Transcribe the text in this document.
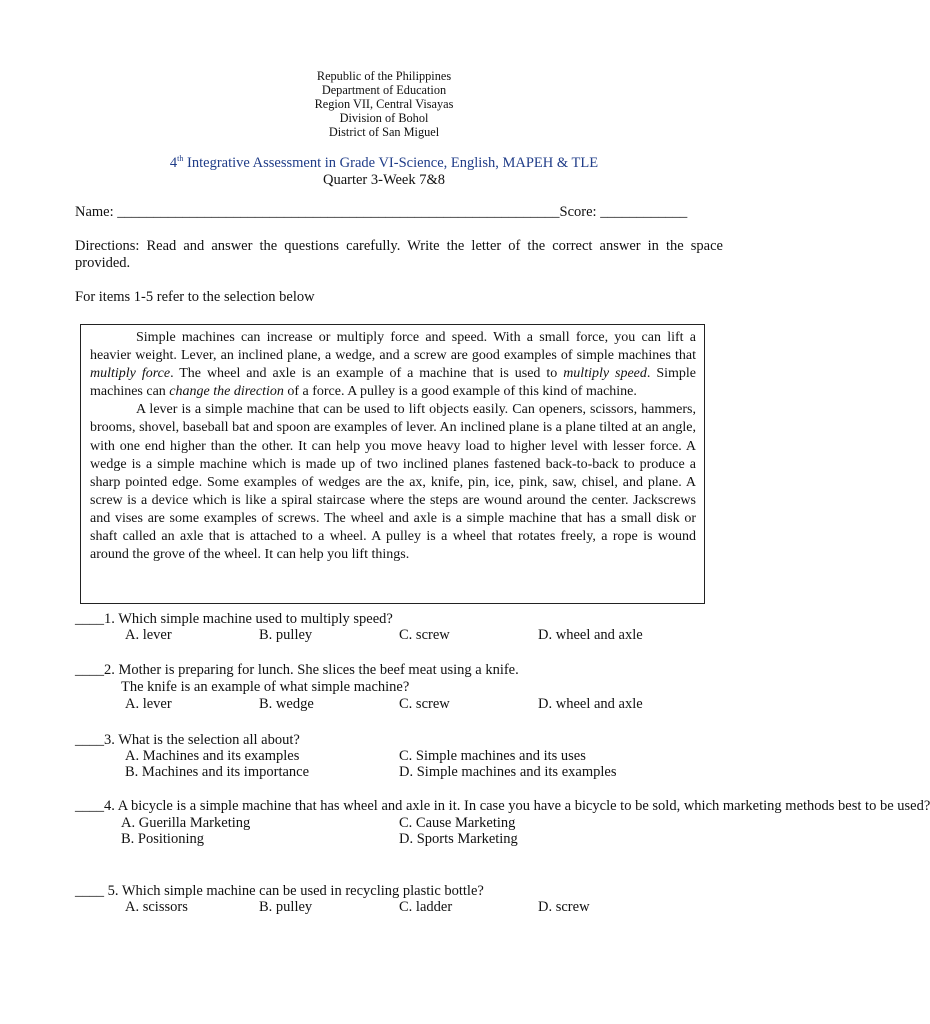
Republic of the Philippines
Department of Education
Region VII, Central Visayas
Division of Bohol
District of San Miguel
4th Integrative Assessment in Grade VI-Science, English, MAPEH & TLE
Quarter 3-Week 7&8
Name: _____________________________________________________________Score: ____________
Directions: Read and answer the questions carefully. Write the letter of the correct answer in the space provided.
For items 1-5 refer to the selection below

Simple machines can increase or multiply force and speed. With a small force, you can lift a heavier weight. Lever, an inclined plane, a wedge, and a screw are good examples of simple machines that multiply force. The wheel and axle is an example of a machine that is used to multiply speed. Simple machines can change the direction of a force. A pulley is a good example of this kind of machine.

A lever is a simple machine that can be used to lift objects easily. Can openers, scissors, hammers, brooms, shovel, baseball bat and spoon are examples of lever. An inclined plane is a plane tilted at an angle, with one end higher than the other. It can help you move heavy load to higher level with lesser force. A wedge is a simple machine which is made up of two inclined planes fastened back-to-back to produce a sharp pointed edge. Some examples of wedges are the ax, knife, pin, ice, pink, saw, chisel, and plane. A screw is a device which is like a spiral staircase where the steps are wound around the center. Jackscrews and vises are some examples of screws. The wheel and axle is a simple machine that has a small disk or shaft called an axle that is attached to a wheel. A pulley is a wheel that rotates freely, a rope is wound around the grove of the wheel. It can help you lift things.

____1. Which simple machine used to multiply speed?
A. lever	B. pulley	C. screw	D. wheel and axle
____2. Mother is preparing for lunch. She slices the beef meat using a knife.
The knife is an example of what simple machine?
A. lever	B. wedge	C. screw	D. wheel and axle
____3. What is the selection all about?
A. Machines and its examples	C. Simple machines and its uses
B. Machines and its importance	D. Simple machines and its examples
____4. A bicycle is a simple machine that has wheel and axle in it. In case you have a bicycle to be sold, which marketing methods best to be used?
A. Guerilla Marketing	C. Cause Marketing
B. Positioning	D. Sports Marketing
____ 5. Which simple machine can be used in recycling plastic bottle?
A. scissors	B. pulley	C. ladder	D. screw
